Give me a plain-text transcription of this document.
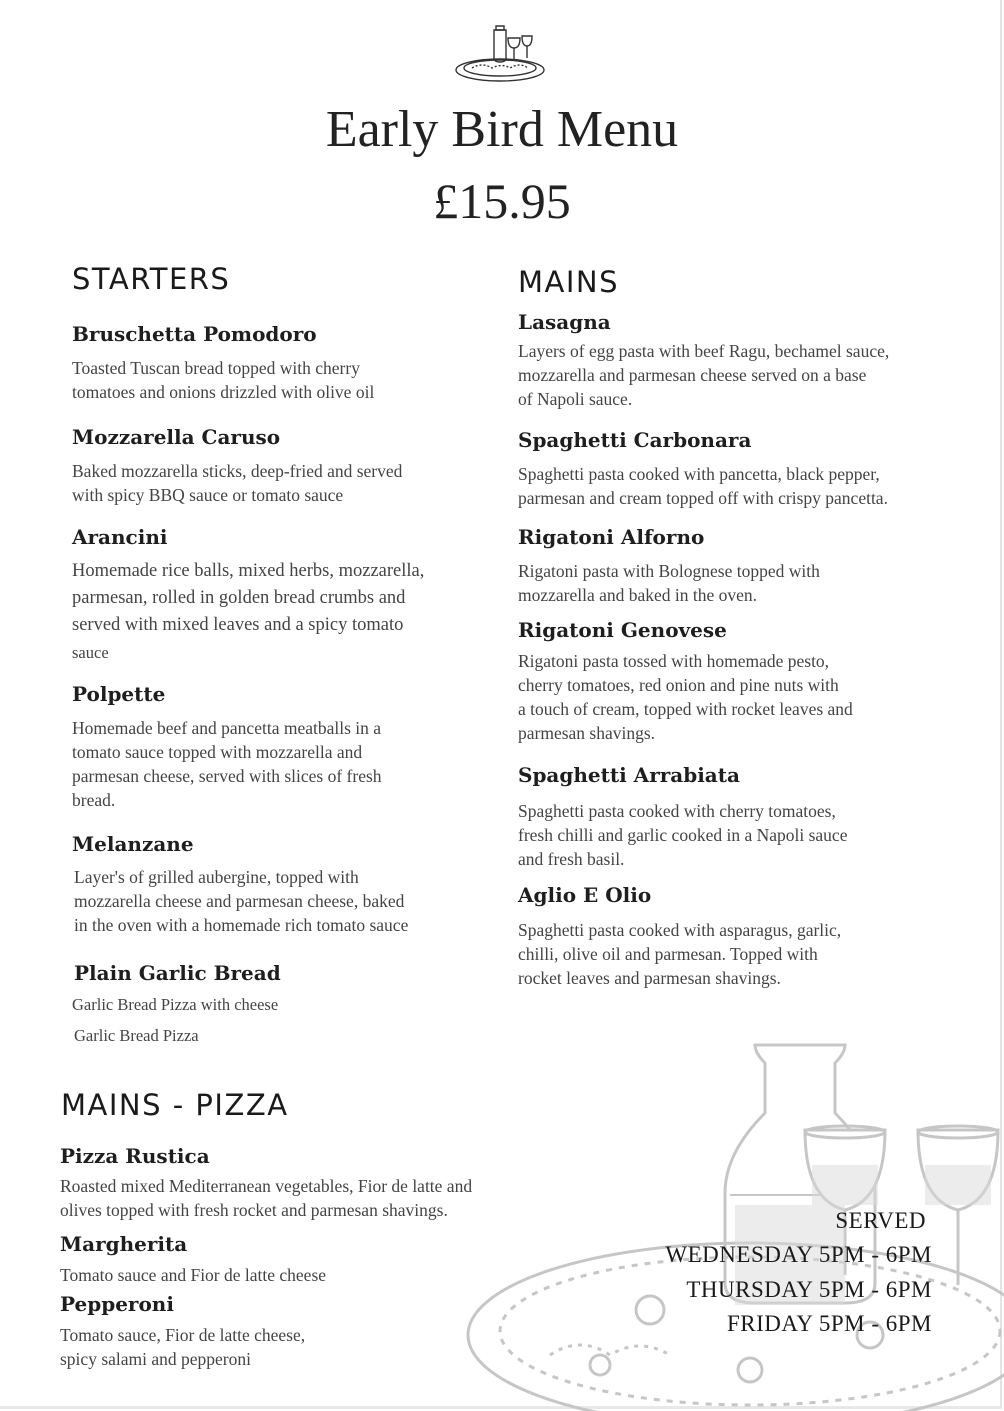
Early Bird Menu
£15.95
STARTERS
Bruschetta Pomodoro
Toasted Tuscan bread topped with cherry
tomatoes and onions drizzled with olive oil
Mozzarella Caruso
Baked mozzarella sticks, deep-fried and served
with spicy BBQ sauce or tomato sauce
Arancini
Homemade rice balls, mixed herbs, mozzarella,
parmesan, rolled in golden bread crumbs and
served with mixed leaves and a spicy tomato
sauce
Polpette
Homemade beef and pancetta meatballs in a
tomato sauce topped with mozzarella and
parmesan cheese, served with slices of fresh
bread.
Melanzane
Layer's of grilled aubergine, topped with
mozzarella cheese and parmesan cheese, baked
in the oven with a homemade rich tomato sauce
Plain Garlic Bread
Garlic Bread Pizza with cheese
Garlic Bread Pizza
MAINS
Lasagna
Layers of egg pasta with beef Ragu, bechamel sauce,
mozzarella and parmesan cheese served on a base
of Napoli sauce.
Spaghetti Carbonara
Spaghetti pasta cooked with pancetta, black pepper,
parmesan and cream topped off with crispy pancetta.
Rigatoni Alforno
Rigatoni pasta with Bolognese topped with
mozzarella and baked in the oven.
Rigatoni Genovese
Rigatoni pasta tossed with homemade pesto,
cherry tomatoes, red onion and pine nuts with
a touch of cream, topped with rocket leaves and
parmesan shavings.
Spaghetti Arrabiata
Spaghetti pasta cooked with cherry tomatoes,
fresh chilli and garlic cooked in a Napoli sauce
and fresh basil.
Aglio E Olio
Spaghetti pasta cooked with asparagus, garlic,
chilli, olive oil and parmesan. Topped with
rocket leaves and parmesan shavings.
MAINS - PIZZA
Pizza Rustica
Roasted mixed Mediterranean vegetables, Fior de latte and
olives topped with fresh rocket and parmesan shavings.
Margherita
Tomato sauce and Fior de latte cheese
Pepperoni
Tomato sauce, Fior de latte cheese,
spicy salami and pepperoni
SERVED
WEDNESDAY 5PM - 6PM
THURSDAY 5PM - 6PM
FRIDAY 5PM - 6PM
